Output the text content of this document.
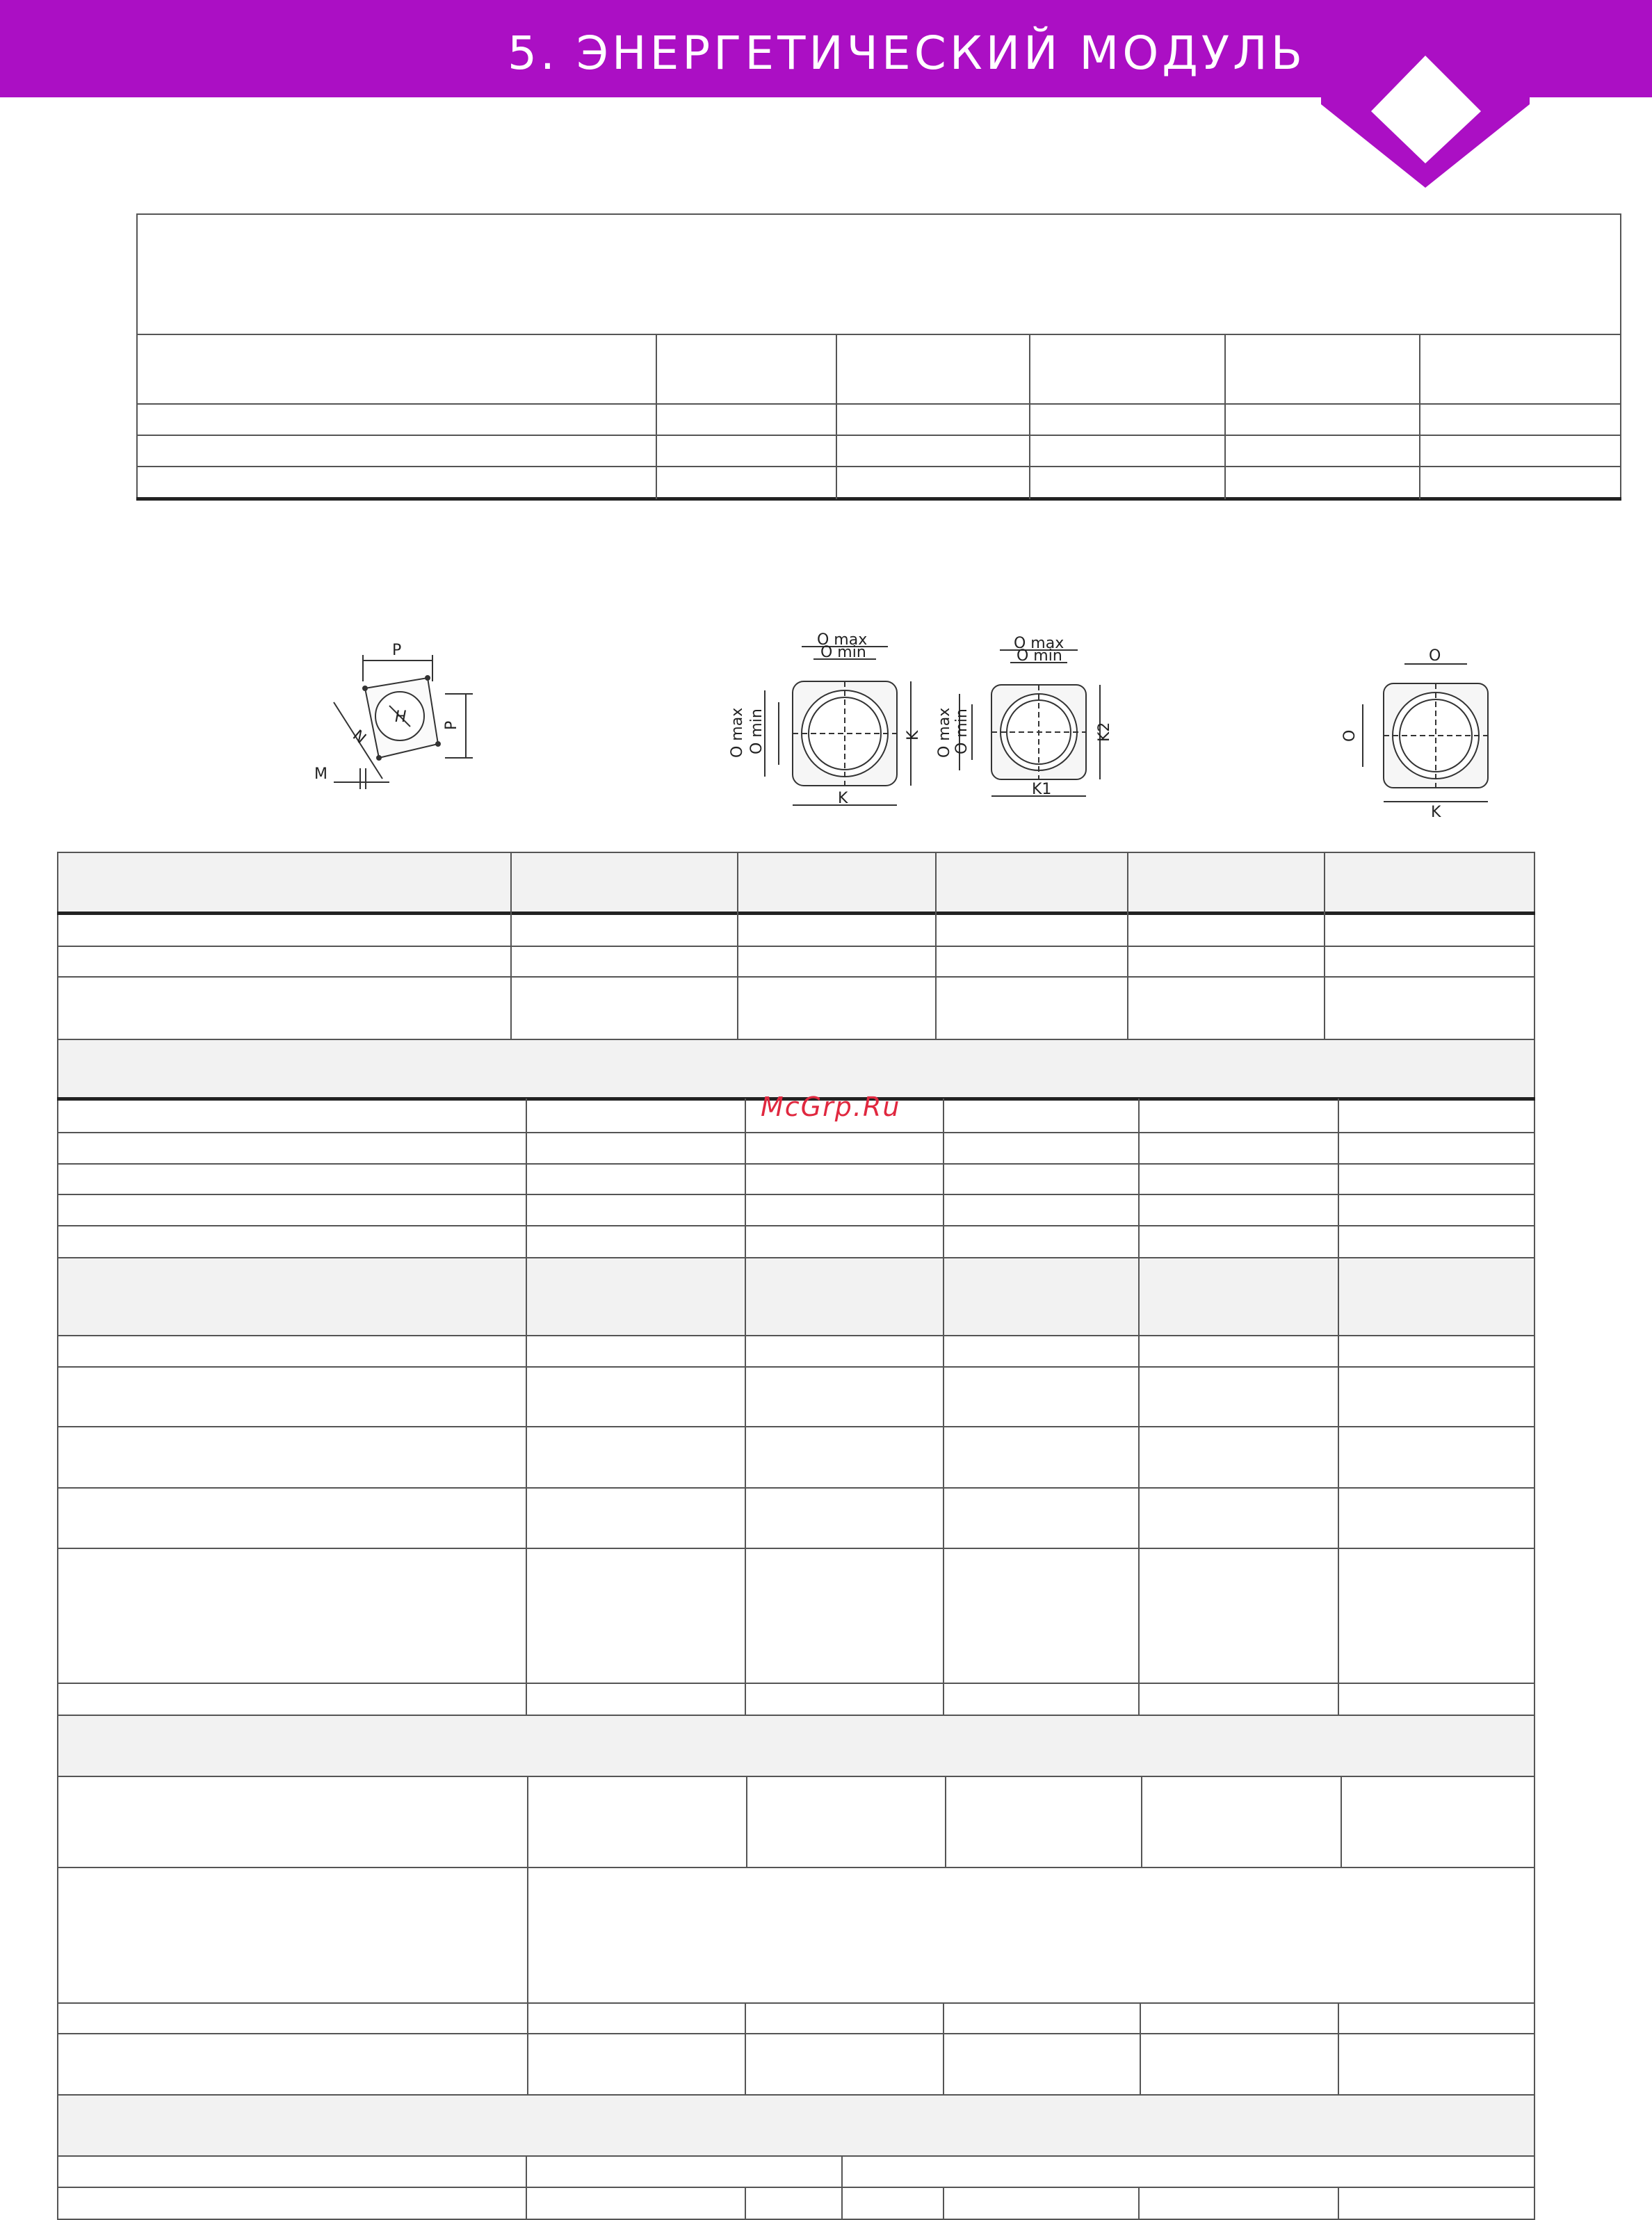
5. ЭНЕРГЕТИЧЕСКИЙ МОДУЛЬ
P
P
H
N
M
O max
O min
O max O min	K
K
O max
O min
O max O min	K2
K1
O
O
K
McGrp.Ru
